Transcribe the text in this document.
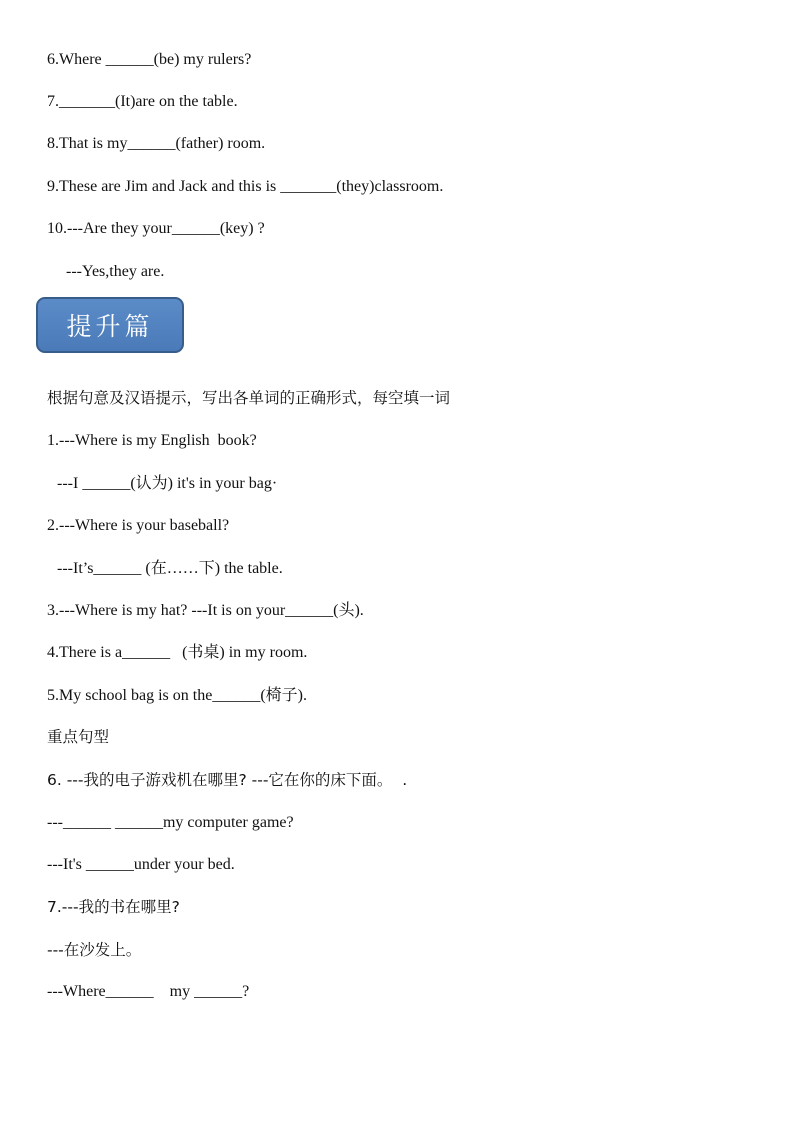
6.Where ______(be) my rulers?
7._______(It)are on the table.
8.That is my______(father) room.
9.These are Jim and Jack and this is _______(they)classroom.
10.---Are they your______(key) ?
---Yes,they are.
提升篇
根据句意及汉语提示，写出各单词的正确形式，每空填一词
1.---Where is my English  book?
---I ______(认为) it's in your bag·
2.---Where is your baseball?
---It’s______ (在……下) the table.
3.---Where is my hat? ---It is on your______(头).
4.There is a______   (书桌) in my room.
5.My school bag is on the______(椅子).
重点句型
6. ---我的电子游戏机在哪里? ---它在你的床下面。  .
---______ ______my computer game?
---It's ______under your bed.
7.---我的书在哪里?
---在沙发上。
---Where______    my ______?
